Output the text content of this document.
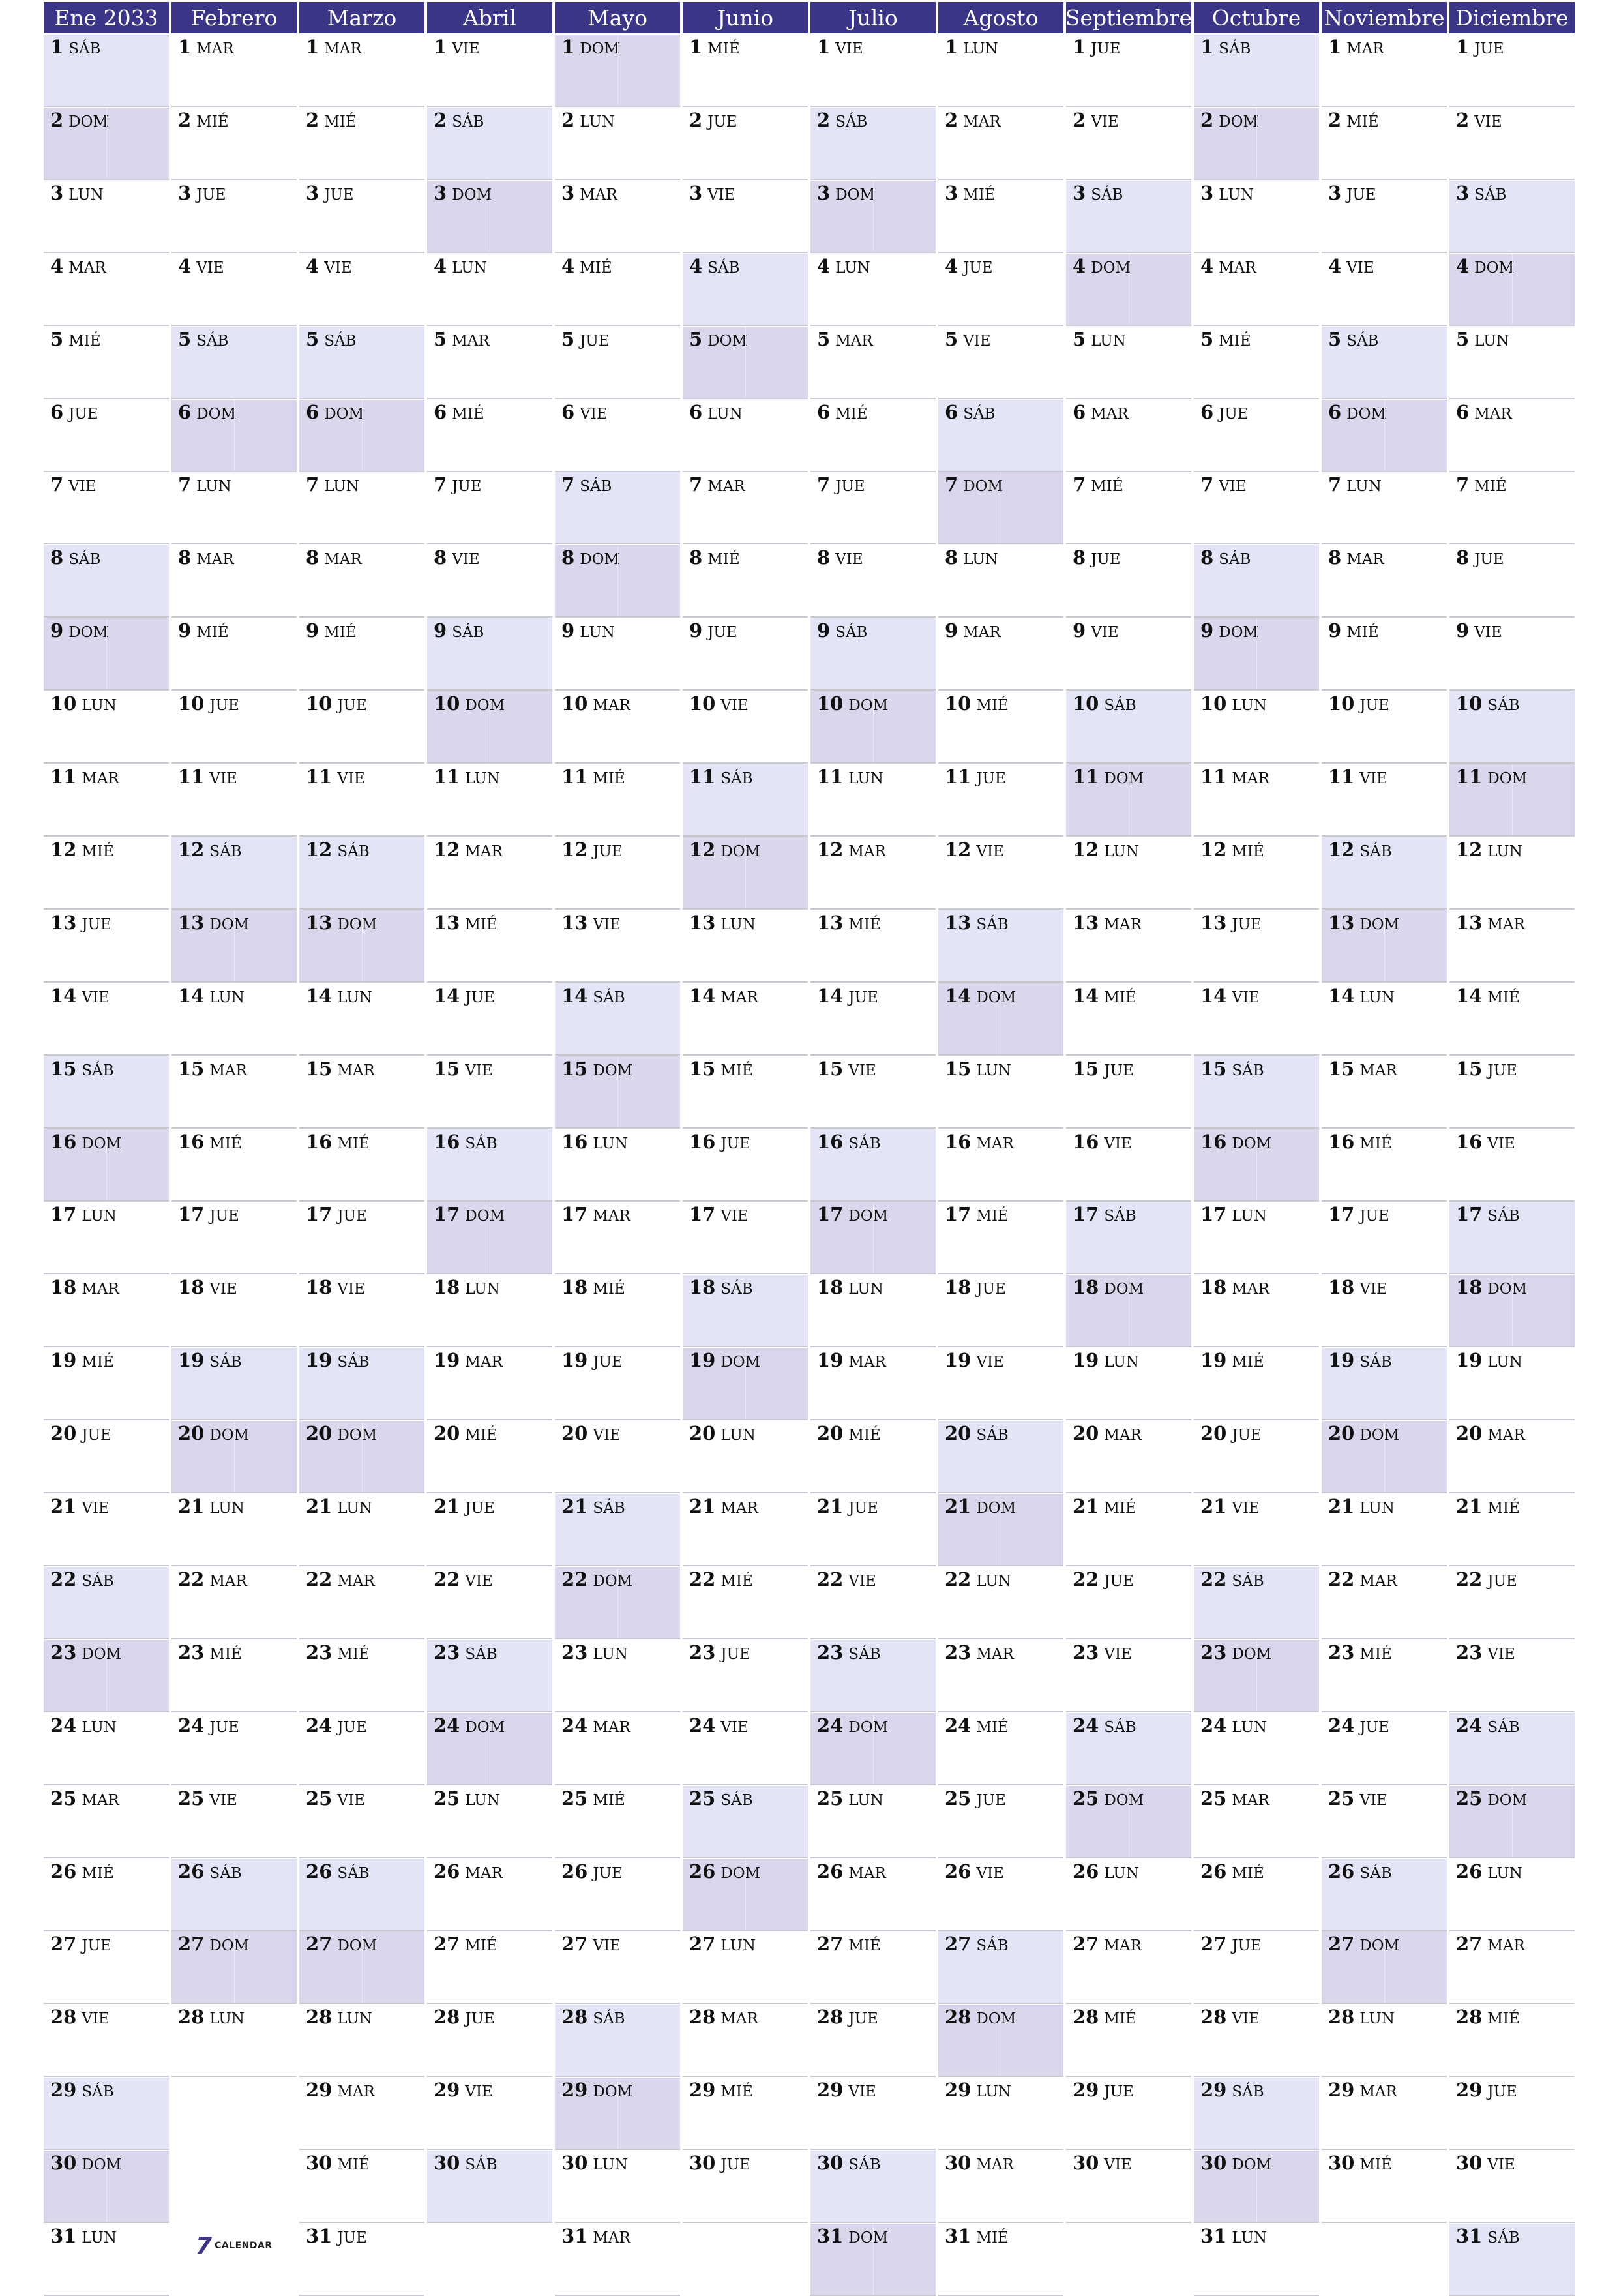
Ene 2033
1 SÁB
2 DOM
3 LUN
4 MAR
5 MIÉ
6 JUE
7 VIE
8 SÁB
9 DOM
10 LUN
11 MAR
12 MIÉ
13 JUE
14 VIE
15 SÁB
16 DOM
17 LUN
18 MAR
19 MIÉ
20 JUE
21 VIE
22 SÁB
23 DOM
24 LUN
25 MAR
26 MIÉ
27 JUE
28 VIE
29 SÁB
30 DOM
31 LUN
Febrero
1 MAR
2 MIÉ
3 JUE
4 VIE
5 SÁB
6 DOM
7 LUN
8 MAR
9 MIÉ
10 JUE
11 VIE
12 SÁB
13 DOM
14 LUN
15 MAR
16 MIÉ
17 JUE
18 VIE
19 SÁB
20 DOM
21 LUN
22 MAR
23 MIÉ
24 JUE
25 VIE
26 SÁB
27 DOM
28 LUN
Marzo
1 MAR
2 MIÉ
3 JUE
4 VIE
5 SÁB
6 DOM
7 LUN
8 MAR
9 MIÉ
10 JUE
11 VIE
12 SÁB
13 DOM
14 LUN
15 MAR
16 MIÉ
17 JUE
18 VIE
19 SÁB
20 DOM
21 LUN
22 MAR
23 MIÉ
24 JUE
25 VIE
26 SÁB
27 DOM
28 LUN
29 MAR
30 MIÉ
31 JUE
Abril
1 VIE
2 SÁB
3 DOM
4 LUN
5 MAR
6 MIÉ
7 JUE
8 VIE
9 SÁB
10 DOM
11 LUN
12 MAR
13 MIÉ
14 JUE
15 VIE
16 SÁB
17 DOM
18 LUN
19 MAR
20 MIÉ
21 JUE
22 VIE
23 SÁB
24 DOM
25 LUN
26 MAR
27 MIÉ
28 JUE
29 VIE
30 SÁB
Mayo
1 DOM
2 LUN
3 MAR
4 MIÉ
5 JUE
6 VIE
7 SÁB
8 DOM
9 LUN
10 MAR
11 MIÉ
12 JUE
13 VIE
14 SÁB
15 DOM
16 LUN
17 MAR
18 MIÉ
19 JUE
20 VIE
21 SÁB
22 DOM
23 LUN
24 MAR
25 MIÉ
26 JUE
27 VIE
28 SÁB
29 DOM
30 LUN
31 MAR
Junio
1 MIÉ
2 JUE
3 VIE
4 SÁB
5 DOM
6 LUN
7 MAR
8 MIÉ
9 JUE
10 VIE
11 SÁB
12 DOM
13 LUN
14 MAR
15 MIÉ
16 JUE
17 VIE
18 SÁB
19 DOM
20 LUN
21 MAR
22 MIÉ
23 JUE
24 VIE
25 SÁB
26 DOM
27 LUN
28 MAR
29 MIÉ
30 JUE
Julio
1 VIE
2 SÁB
3 DOM
4 LUN
5 MAR
6 MIÉ
7 JUE
8 VIE
9 SÁB
10 DOM
11 LUN
12 MAR
13 MIÉ
14 JUE
15 VIE
16 SÁB
17 DOM
18 LUN
19 MAR
20 MIÉ
21 JUE
22 VIE
23 SÁB
24 DOM
25 LUN
26 MAR
27 MIÉ
28 JUE
29 VIE
30 SÁB
31 DOM
Agosto
1 LUN
2 MAR
3 MIÉ
4 JUE
5 VIE
6 SÁB
7 DOM
8 LUN
9 MAR
10 MIÉ
11 JUE
12 VIE
13 SÁB
14 DOM
15 LUN
16 MAR
17 MIÉ
18 JUE
19 VIE
20 SÁB
21 DOM
22 LUN
23 MAR
24 MIÉ
25 JUE
26 VIE
27 SÁB
28 DOM
29 LUN
30 MAR
31 MIÉ
Septiembre
1 JUE
2 VIE
3 SÁB
4 DOM
5 LUN
6 MAR
7 MIÉ
8 JUE
9 VIE
10 SÁB
11 DOM
12 LUN
13 MAR
14 MIÉ
15 JUE
16 VIE
17 SÁB
18 DOM
19 LUN
20 MAR
21 MIÉ
22 JUE
23 VIE
24 SÁB
25 DOM
26 LUN
27 MAR
28 MIÉ
29 JUE
30 VIE
Octubre
1 SÁB
2 DOM
3 LUN
4 MAR
5 MIÉ
6 JUE
7 VIE
8 SÁB
9 DOM
10 LUN
11 MAR
12 MIÉ
13 JUE
14 VIE
15 SÁB
16 DOM
17 LUN
18 MAR
19 MIÉ
20 JUE
21 VIE
22 SÁB
23 DOM
24 LUN
25 MAR
26 MIÉ
27 JUE
28 VIE
29 SÁB
30 DOM
31 LUN
Noviembre
1 MAR
2 MIÉ
3 JUE
4 VIE
5 SÁB
6 DOM
7 LUN
8 MAR
9 MIÉ
10 JUE
11 VIE
12 SÁB
13 DOM
14 LUN
15 MAR
16 MIÉ
17 JUE
18 VIE
19 SÁB
20 DOM
21 LUN
22 MAR
23 MIÉ
24 JUE
25 VIE
26 SÁB
27 DOM
28 LUN
29 MAR
30 MIÉ
Diciembre
1 JUE
2 VIE
3 SÁB
4 DOM
5 LUN
6 MAR
7 MIÉ
8 JUE
9 VIE
10 SÁB
11 DOM
12 LUN
13 MAR
14 MIÉ
15 JUE
16 VIE
17 SÁB
18 DOM
19 LUN
20 MAR
21 MIÉ
22 JUE
23 VIE
24 SÁB
25 DOM
26 LUN
27 MAR
28 MIÉ
29 JUE
30 VIE
31 SÁB
7 CALENDAR
